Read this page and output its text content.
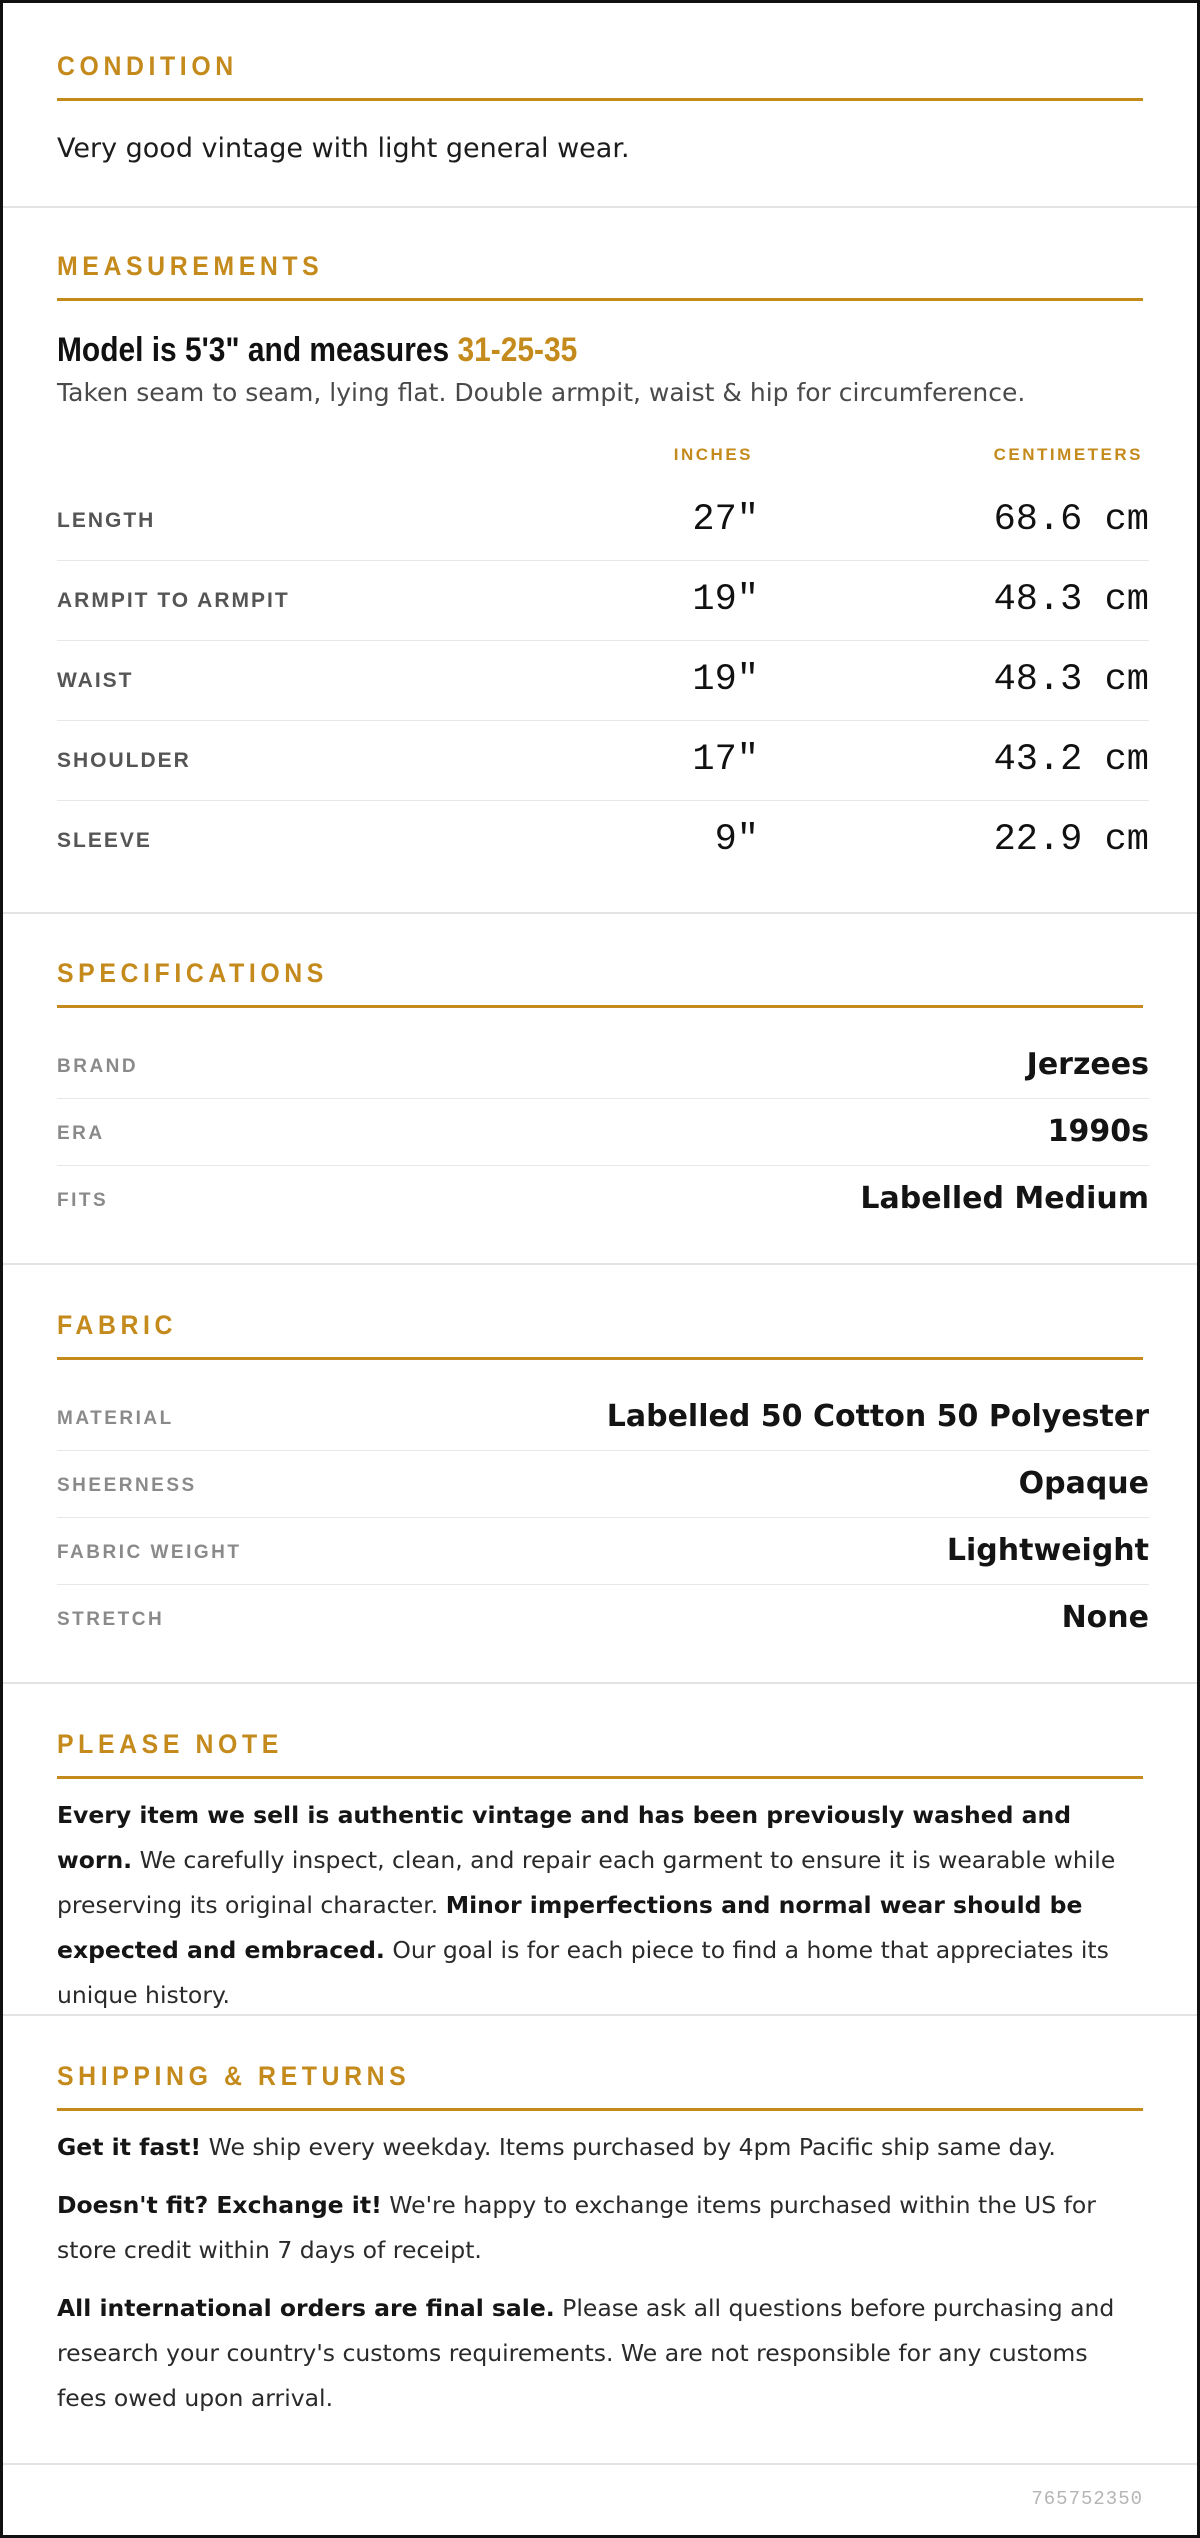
CONDITION
Very good vintage with light general wear.
MEASUREMENTS
Model is 5'3" and measures 31-25-35
Taken seam to seam, lying flat. Double armpit, waist & hip for circumference.
INCHES	CENTIMETERS
LENGTH	27"	68.6 cm
ARMPIT TO ARMPIT	19"	48.3 cm
WAIST	19"	48.3 cm
SHOULDER	17"	43.2 cm
SLEEVE	9"	22.9 cm
SPECIFICATIONS
BRAND	Jerzees
ERA	1990s
FITS	Labelled Medium
FABRIC
MATERIAL	Labelled 50 Cotton 50 Polyester
SHEERNESS	Opaque
FABRIC WEIGHT	Lightweight
STRETCH	None
PLEASE NOTE

Every item we sell is authentic vintage and has been previously washed and worn. We carefully inspect, clean, and repair each garment to ensure it is wearable while preserving its original character. Minor imperfections and normal wear should be expected and embraced. Our goal is for each piece to find a home that appreciates its unique history.

SHIPPING & RETURNS

Get it fast! We ship every weekday. Items purchased by 4pm Pacific ship same day.

Doesn't fit? Exchange it! We're happy to exchange items purchased within the US for store credit within 7 days of receipt.

All international orders are final sale. Please ask all questions before purchasing and research your country's customs requirements. We are not responsible for any customs fees owed upon arrival.

765752350
